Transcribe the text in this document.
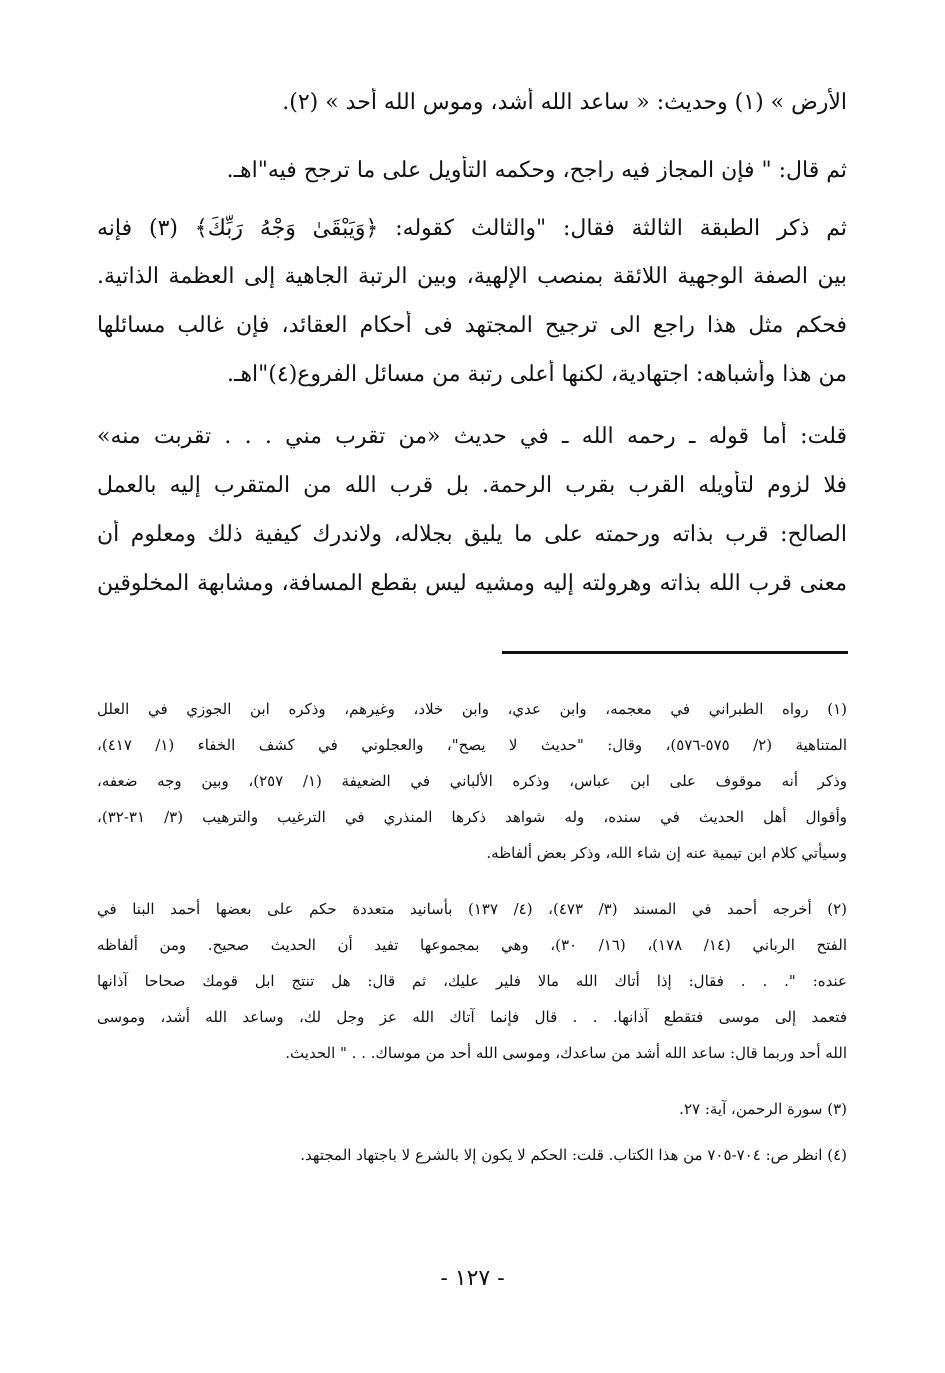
الأرض » (١) وحديث: « ساعد الله أشد، وموس الله أحد » (٢).
ثم قال: " فإن المجاز فيه راجح، وحكمه التأويل على ما ترجح فيه"اهـ.
ثم ذكر الطبقة الثالثة فقال: "والثالث كقوله: ﴿وَيَبْقَىٰ وَجْهُ رَبِّكَ﴾ (٣) فإنه
بين الصفة الوجهية اللائقة بمنصب الإلهية، وبين الرتبة الجاهية إلى العظمة الذاتية.
فحكم مثل هذا راجع الى ترجيح المجتهد فى أحكام العقائد، فإن غالب مسائلها
من هذا وأشباهه: اجتهادية، لكنها أعلى رتبة من مسائل الفروع(٤)"اهـ.
قلت: أما قوله ـ رحمه الله ـ في حديث «من تقرب مني . . . تقربت منه»
فلا لزوم لتأويله القرب بقرب الرحمة. بل قرب الله من المتقرب إليه بالعمل
الصالح: قرب بذاته ورحمته على ما يليق بجلاله، ولاندرك كيفية ذلك ومعلوم أن
معنى قرب الله بذاته وهرولته إليه ومشيه ليس بقطع المسافة، ومشابهة المخلوقين
(١) رواه الطبراني في معجمه، وابن عدي، وابن خلاد، وغيرهم، وذكره ابن الجوزي في العلل
المتناهية (٢/ ٥٧٥-٥٧٦)، وقال: "حديث لا يصح"، والعجلوني في كشف الخفاء (١/ ٤١٧)،
وذكر أنه موقوف على ابن عباس، وذكره الألباني في الضعيفة (١/ ٢٥٧)، وبين وجه ضعفه،
وأقوال أهل الحديث في سنده، وله شواهد ذكرها المنذري في الترغيب والترهيب (٣/ ٣١-٣٢)،
وسيأتي كلام ابن تيمية عنه إن شاء الله، وذكر بعض ألفاظه.
(٢) أخرجه أحمد في المسند (٣/ ٤٧٣)، (٤/ ١٣٧) بأسانيد متعددة حكم على بعضها أحمد البنا في
الفتح الرباني (١٤/ ١٧٨)، (١٦/ ٣٠)، وهي بمجموعها تفيد أن الحديث صحيح. ومن ألفاظه
عنده: ". . . فقال: إذا أتاك الله مالا فلير عليك، ثم قال: هل تنتج ابل قومك صحاحا آذانها
فتعمد إلى موسى فتقطع آذانها. . . قال فإنما آتاك الله عز وجل لك، وساعد الله أشد، وموسى
الله أحد وربما قال: ساعد الله أشد من ساعدك، وموسى الله أحد من موساك. . . " الحديث.
(٣) سورة الرحمن، آية: ٢٧.
(٤) انظر ص: ٧٠٤-٧٠٥ من هذا الكتاب. قلت: الحكم لا يكون إلا بالشرع لا باجتهاد المجتهد.
- ١٢٧ -
